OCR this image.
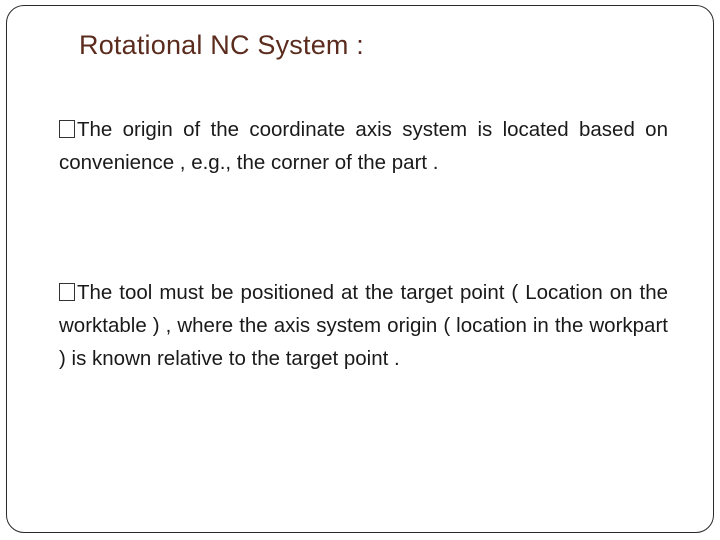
Rotational NC System :
The origin of the coordinate axis system is located based on convenience , e.g., the corner of the part .
The tool must be positioned at the target point ( Location on the worktable ) , where the axis system origin ( location in the workpart ) is known relative to the target point .
